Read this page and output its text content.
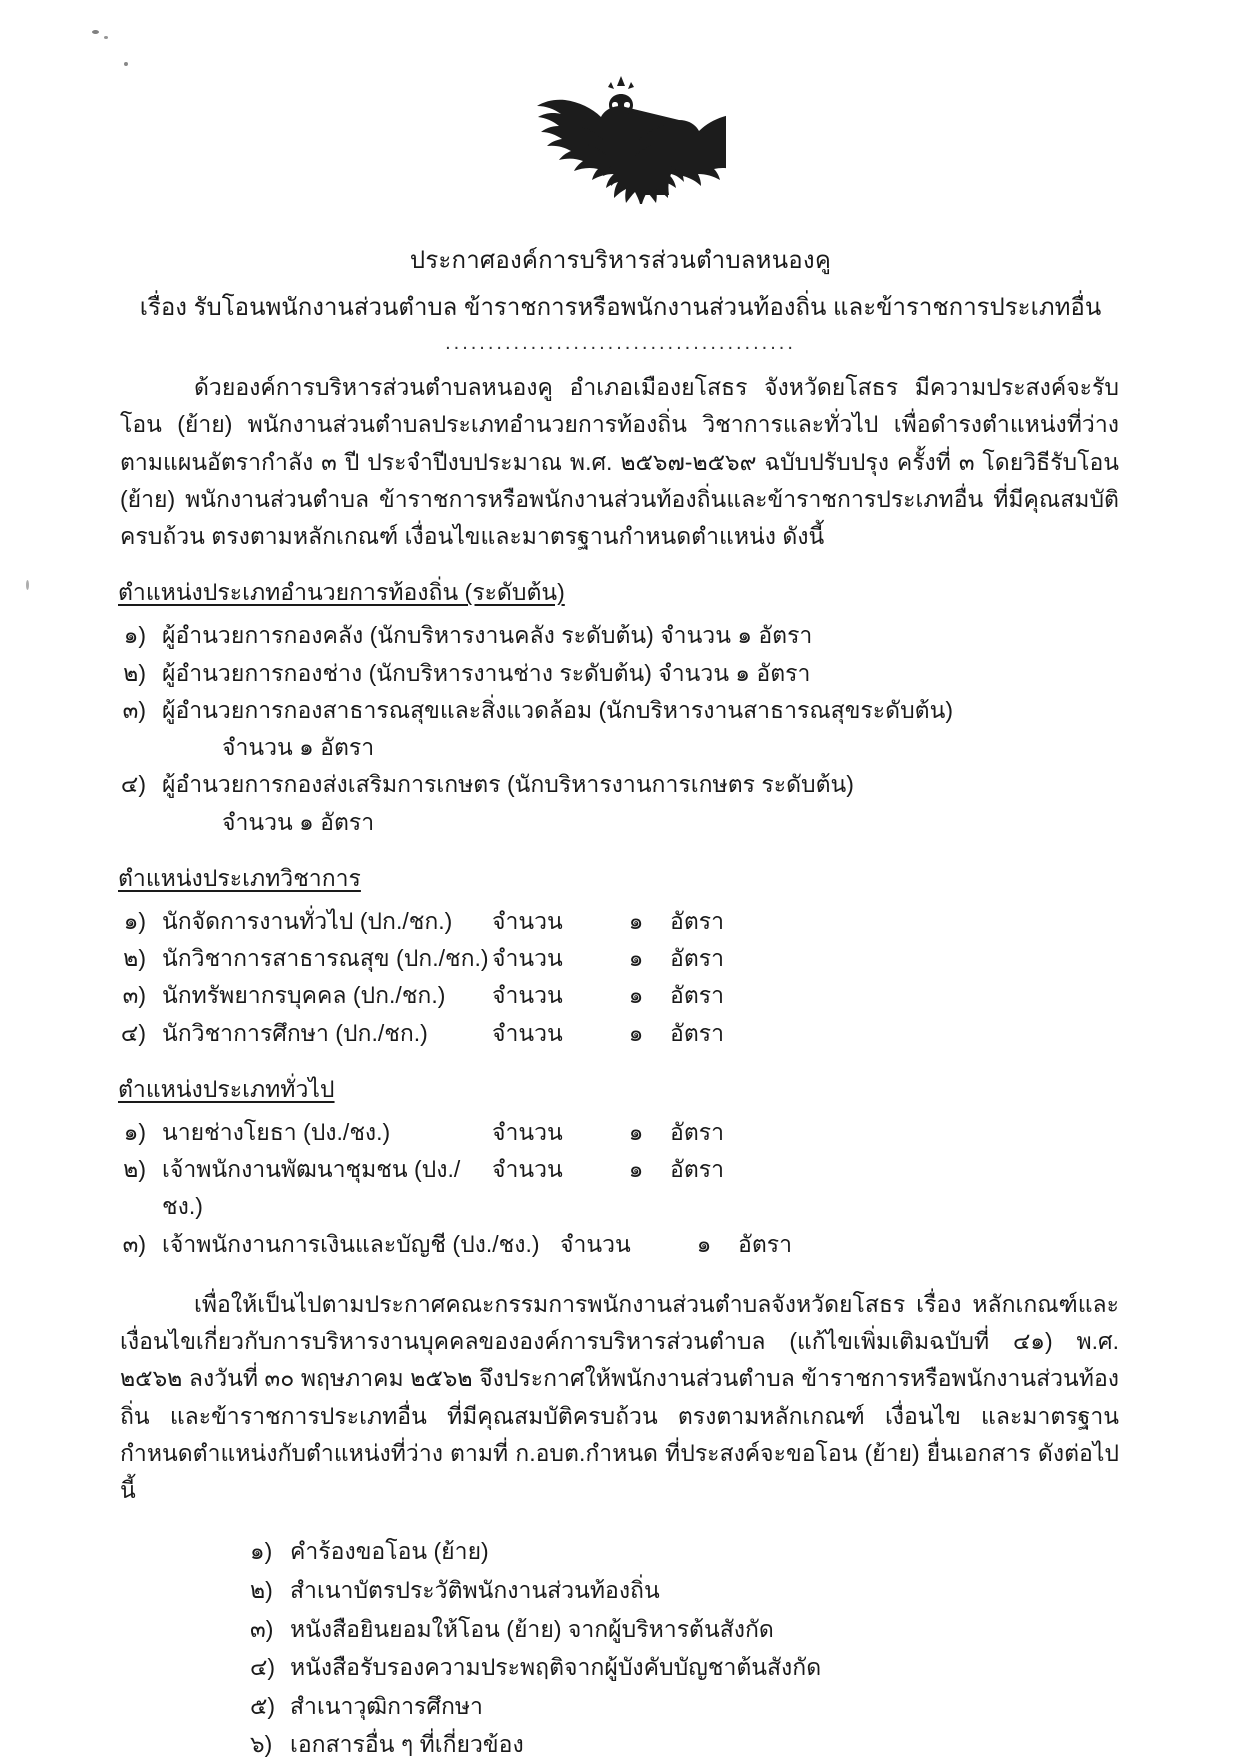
ประกาศองค์การบริหารส่วนตำบลหนองคู
เรื่อง รับโอนพนักงานส่วนตำบล ข้าราชการหรือพนักงานส่วนท้องถิ่น และข้าราชการประเภทอื่น
.........................................

ด้วยองค์การบริหารส่วนตำบลหนองคู อำเภอเมืองยโสธร จังหวัดยโสธร มีความประสงค์จะรับโอน (ย้าย) พนักงานส่วนตำบลประเภทอำนวยการท้องถิ่น วิชาการและทั่วไป เพื่อดำรงตำแหน่งที่ว่างตามแผนอัตรากำลัง ๓ ปี ประจำปีงบประมาณ พ.ศ. ๒๕๖๗-๒๕๖๙ ฉบับปรับปรุง ครั้งที่ ๓ โดยวิธีรับโอน (ย้าย) พนักงานส่วนตำบล ข้าราชการหรือพนักงานส่วนท้องถิ่นและข้าราชการประเภทอื่น ที่มีคุณสมบัติครบถ้วน ตรงตามหลักเกณฑ์ เงื่อนไขและมาตรฐานกำหนดตำแหน่ง ดังนี้

ตำแหน่งประเภทอำนวยการท้องถิ่น (ระดับต้น)
๑) ผู้อำนวยการกองคลัง (นักบริหารงานคลัง ระดับต้น) จำนวน ๑ อัตรา
๒) ผู้อำนวยการกองช่าง (นักบริหารงานช่าง ระดับต้น) จำนวน ๑ อัตรา
๓) ผู้อำนวยการกองสาธารณสุขและสิ่งแวดล้อม (นักบริหารงานสาธารณสุขระดับต้น)
จำนวน ๑ อัตรา
๔) ผู้อำนวยการกองส่งเสริมการเกษตร (นักบริหารงานการเกษตร ระดับต้น)
จำนวน ๑ อัตรา
ตำแหน่งประเภทวิชาการ
๑) นักจัดการงานทั่วไป (ปก./ชก.)	จำนวน	๑	อัตรา
๒) นักวิชาการสาธารณสุข (ปก./ชก.) จำนวน	๑	อัตรา
๓) นักทรัพยากรบุคคล (ปก./ชก.)	จำนวน	๑	อัตรา
๔) นักวิชาการศึกษา (ปก./ชก.)	จำนวน	๑	อัตรา
ตำแหน่งประเภททั่วไป
๑) นายช่างโยธา (ปง./ชง.)	จำนวน	๑	อัตรา
๒) เจ้าพนักงานพัฒนาชุมชน (ปง./ชง.)
จำนวน	๑	อัตรา
๓) เจ้าพนักงานการเงินและบัญชี (ปง./ชง.) จำนวน	๑	อัตรา

เพื่อให้เป็นไปตามประกาศคณะกรรมการพนักงานส่วนตำบลจังหวัดยโสธร เรื่อง หลักเกณฑ์และเงื่อนไขเกี่ยวกับการบริหารงานบุคคลขององค์การบริหารส่วนตำบล (แก้ไขเพิ่มเติมฉบับที่ ๔๑) พ.ศ. ๒๕๖๒ ลงวันที่ ๓๐ พฤษภาคม ๒๕๖๒ จึงประกาศให้พนักงานส่วนตำบล ข้าราชการหรือพนักงานส่วนท้องถิ่น และข้าราชการประเภทอื่น ที่มีคุณสมบัติครบถ้วน ตรงตามหลักเกณฑ์ เงื่อนไข และมาตรฐานกำหนดตำแหน่งกับตำแหน่งที่ว่าง ตามที่ ก.อบต.กำหนด ที่ประสงค์จะขอโอน (ย้าย) ยื่นเอกสาร ดังต่อไปนี้

๑) คำร้องขอโอน (ย้าย)
๒) สำเนาบัตรประวัติพนักงานส่วนท้องถิ่น
๓) หนังสือยินยอมให้โอน (ย้าย) จากผู้บริหารต้นสังกัด
๔) หนังสือรับรองความประพฤติจากผู้บังคับบัญชาต้นสังกัด
๕) สำเนาวุฒิการศึกษา
๖) เอกสารอื่น ๆ ที่เกี่ยวข้อง
